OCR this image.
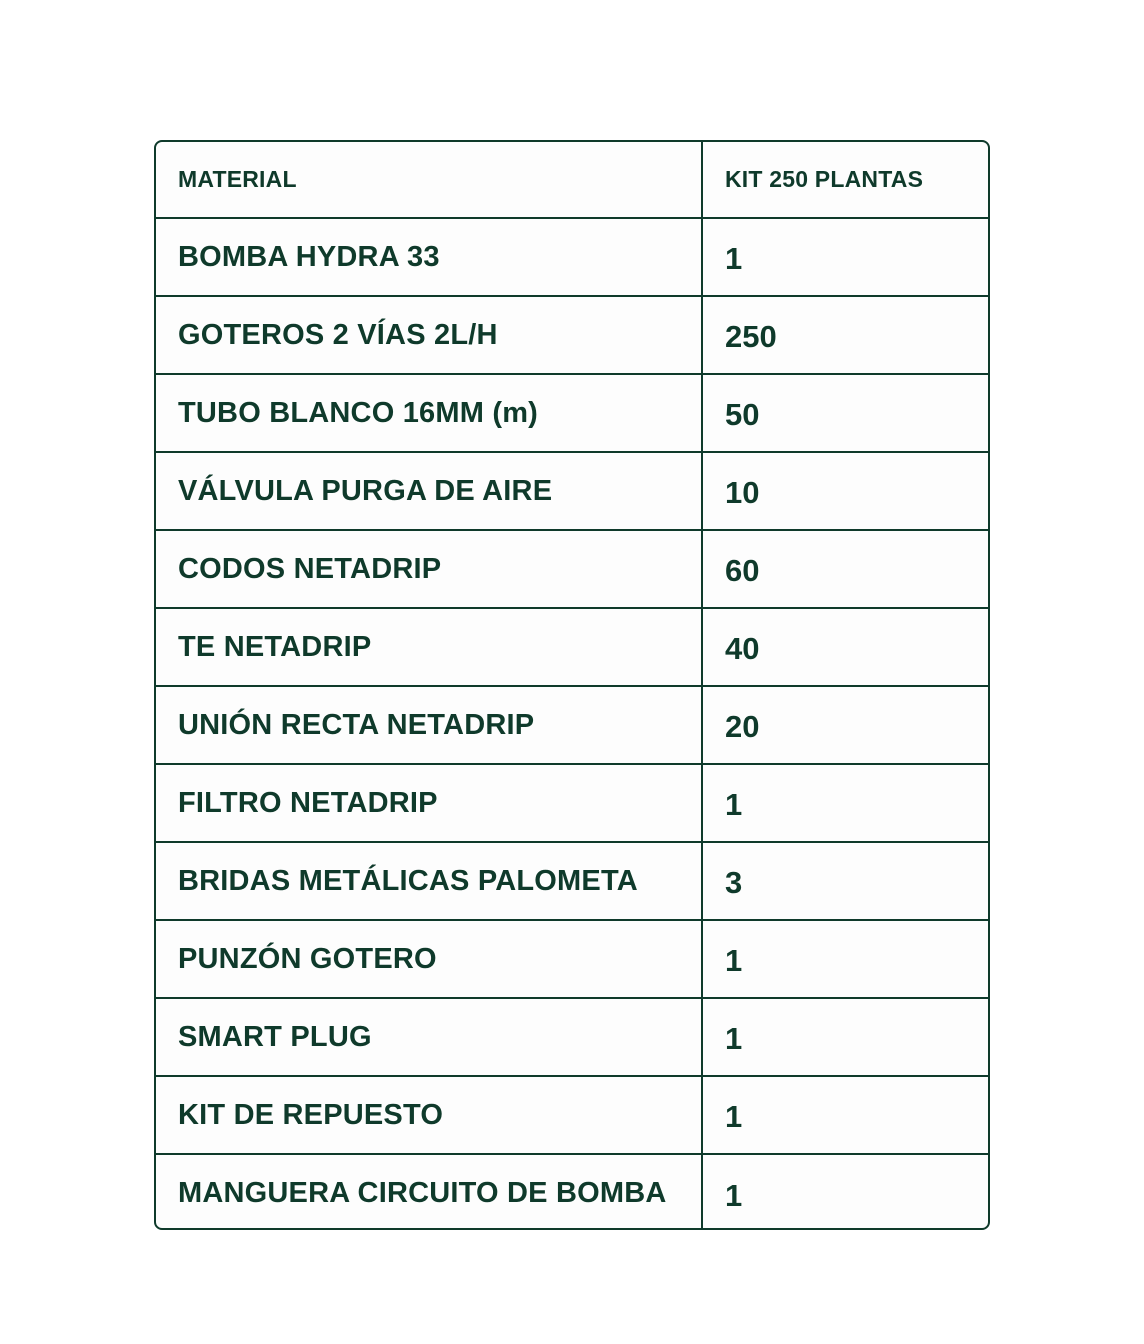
MATERIAL	KIT 250 PLANTAS
BOMBA HYDRA 33	1
GOTEROS 2 VÍAS 2L/H	250
TUBO BLANCO 16MM (m)	50
VÁLVULA PURGA DE AIRE	10
CODOS NETADRIP	60
TE NETADRIP	40
UNIÓN RECTA NETADRIP	20
FILTRO NETADRIP	1
BRIDAS METÁLICAS PALOMETA	3
PUNZÓN GOTERO	1
SMART PLUG	1
KIT DE REPUESTO	1
MANGUERA CIRCUITO DE BOMBA	1
